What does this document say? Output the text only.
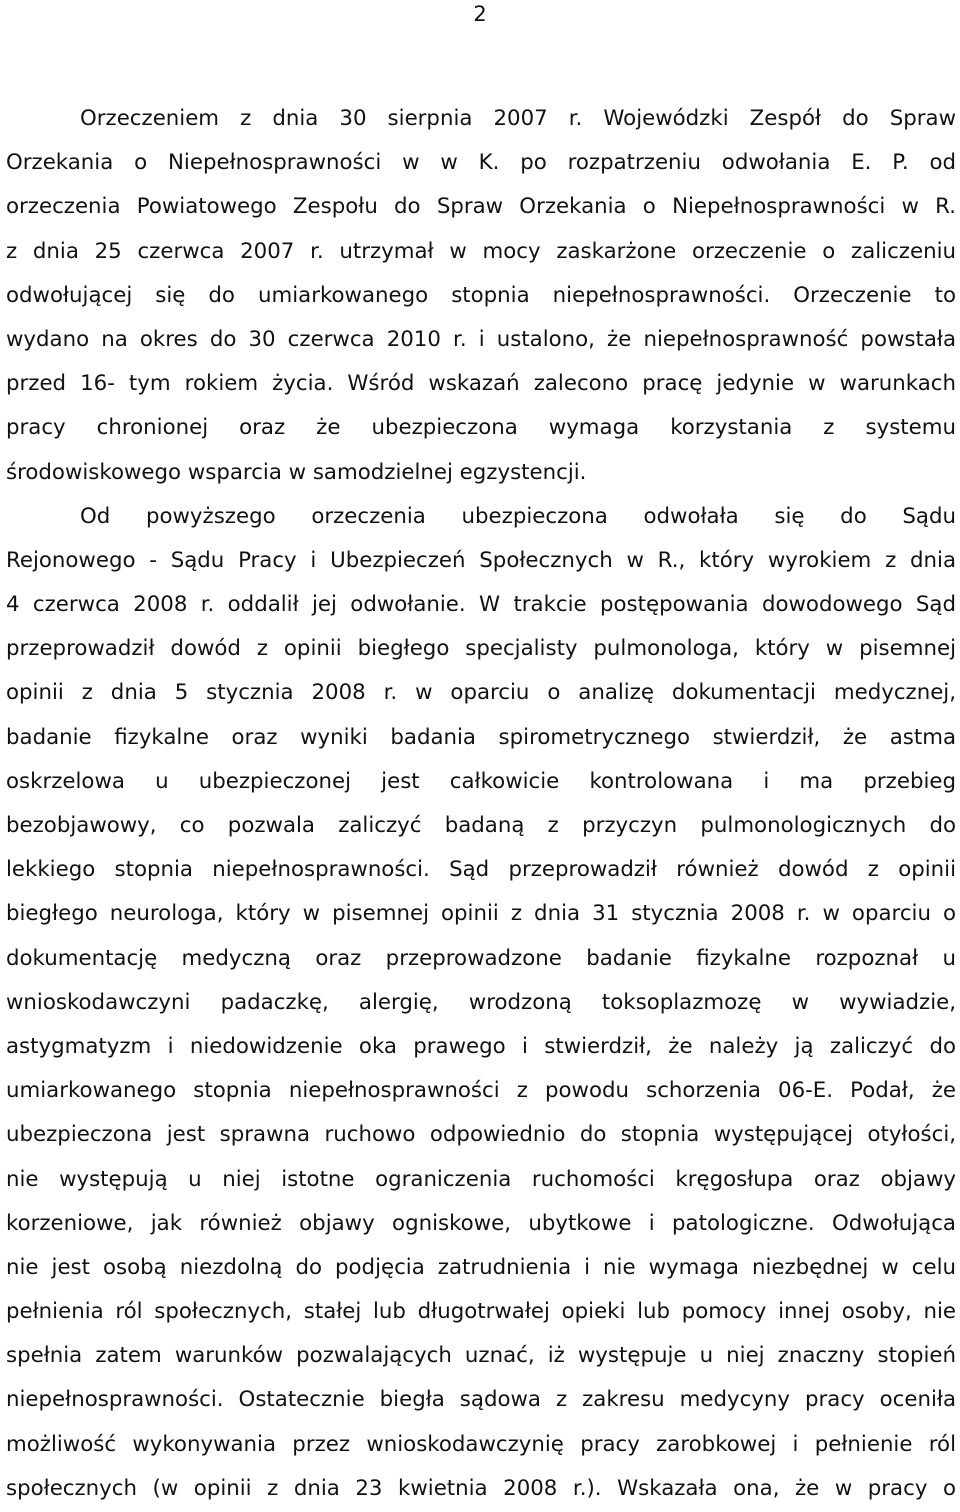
2
Orzeczeniem z dnia 30 sierpnia 2007 r. Wojewódzki Zespół do Spraw
Orzekania o Niepełnosprawności w w K. po rozpatrzeniu odwołania E. P. od
orzeczenia Powiatowego Zespołu do Spraw Orzekania o Niepełnosprawności w R.
z dnia 25 czerwca 2007 r. utrzymał w mocy zaskarżone orzeczenie o zaliczeniu
odwołującej się do umiarkowanego stopnia niepełnosprawności. Orzeczenie to
wydano na okres do 30 czerwca 2010 r. i ustalono, że niepełnosprawność powstała
przed 16- tym rokiem życia. Wśród wskazań zalecono pracę jedynie w warunkach
pracy chronionej oraz że ubezpieczona wymaga korzystania z systemu
środowiskowego wsparcia w samodzielnej egzystencji.
Od powyższego orzeczenia ubezpieczona odwołała się do Sądu
Rejonowego - Sądu Pracy i Ubezpieczeń Społecznych w R., który wyrokiem z dnia
4 czerwca 2008 r. oddalił jej odwołanie. W trakcie postępowania dowodowego Sąd
przeprowadził dowód z opinii biegłego specjalisty pulmonologa, który w pisemnej
opinii z dnia 5 stycznia 2008 r. w oparciu o analizę dokumentacji medycznej,
badanie fizykalne oraz wyniki badania spirometrycznego stwierdził, że astma
oskrzelowa u ubezpieczonej jest całkowicie kontrolowana i ma przebieg
bezobjawowy, co pozwala zaliczyć badaną z przyczyn pulmonologicznych do
lekkiego stopnia niepełnosprawności. Sąd przeprowadził również dowód z opinii
biegłego neurologa, który w pisemnej opinii z dnia 31 stycznia 2008 r. w oparciu o
dokumentację medyczną oraz przeprowadzone badanie fizykalne rozpoznał u
wnioskodawczyni padaczkę, alergię, wrodzoną toksoplazmozę w wywiadzie,
astygmatyzm i niedowidzenie oka prawego i stwierdził, że należy ją zaliczyć do
umiarkowanego stopnia niepełnosprawności z powodu schorzenia 06-E. Podał, że
ubezpieczona jest sprawna ruchowo odpowiednio do stopnia występującej otyłości,
nie występują u niej istotne ograniczenia ruchomości kręgosłupa oraz objawy
korzeniowe, jak również objawy ogniskowe, ubytkowe i patologiczne. Odwołująca
nie jest osobą niezdolną do podjęcia zatrudnienia i nie wymaga niezbędnej w celu
pełnienia ról społecznych, stałej lub długotrwałej opieki lub pomocy innej osoby, nie
spełnia zatem warunków pozwalających uznać, iż występuje u niej znaczny stopień
niepełnosprawności. Ostatecznie biegła sądowa z zakresu medycyny pracy oceniła
możliwość wykonywania przez wnioskodawczynię pracy zarobkowej i pełnienie ról
społecznych (w opinii z dnia 23 kwietnia 2008 r.). Wskazała ona, że w pracy o
